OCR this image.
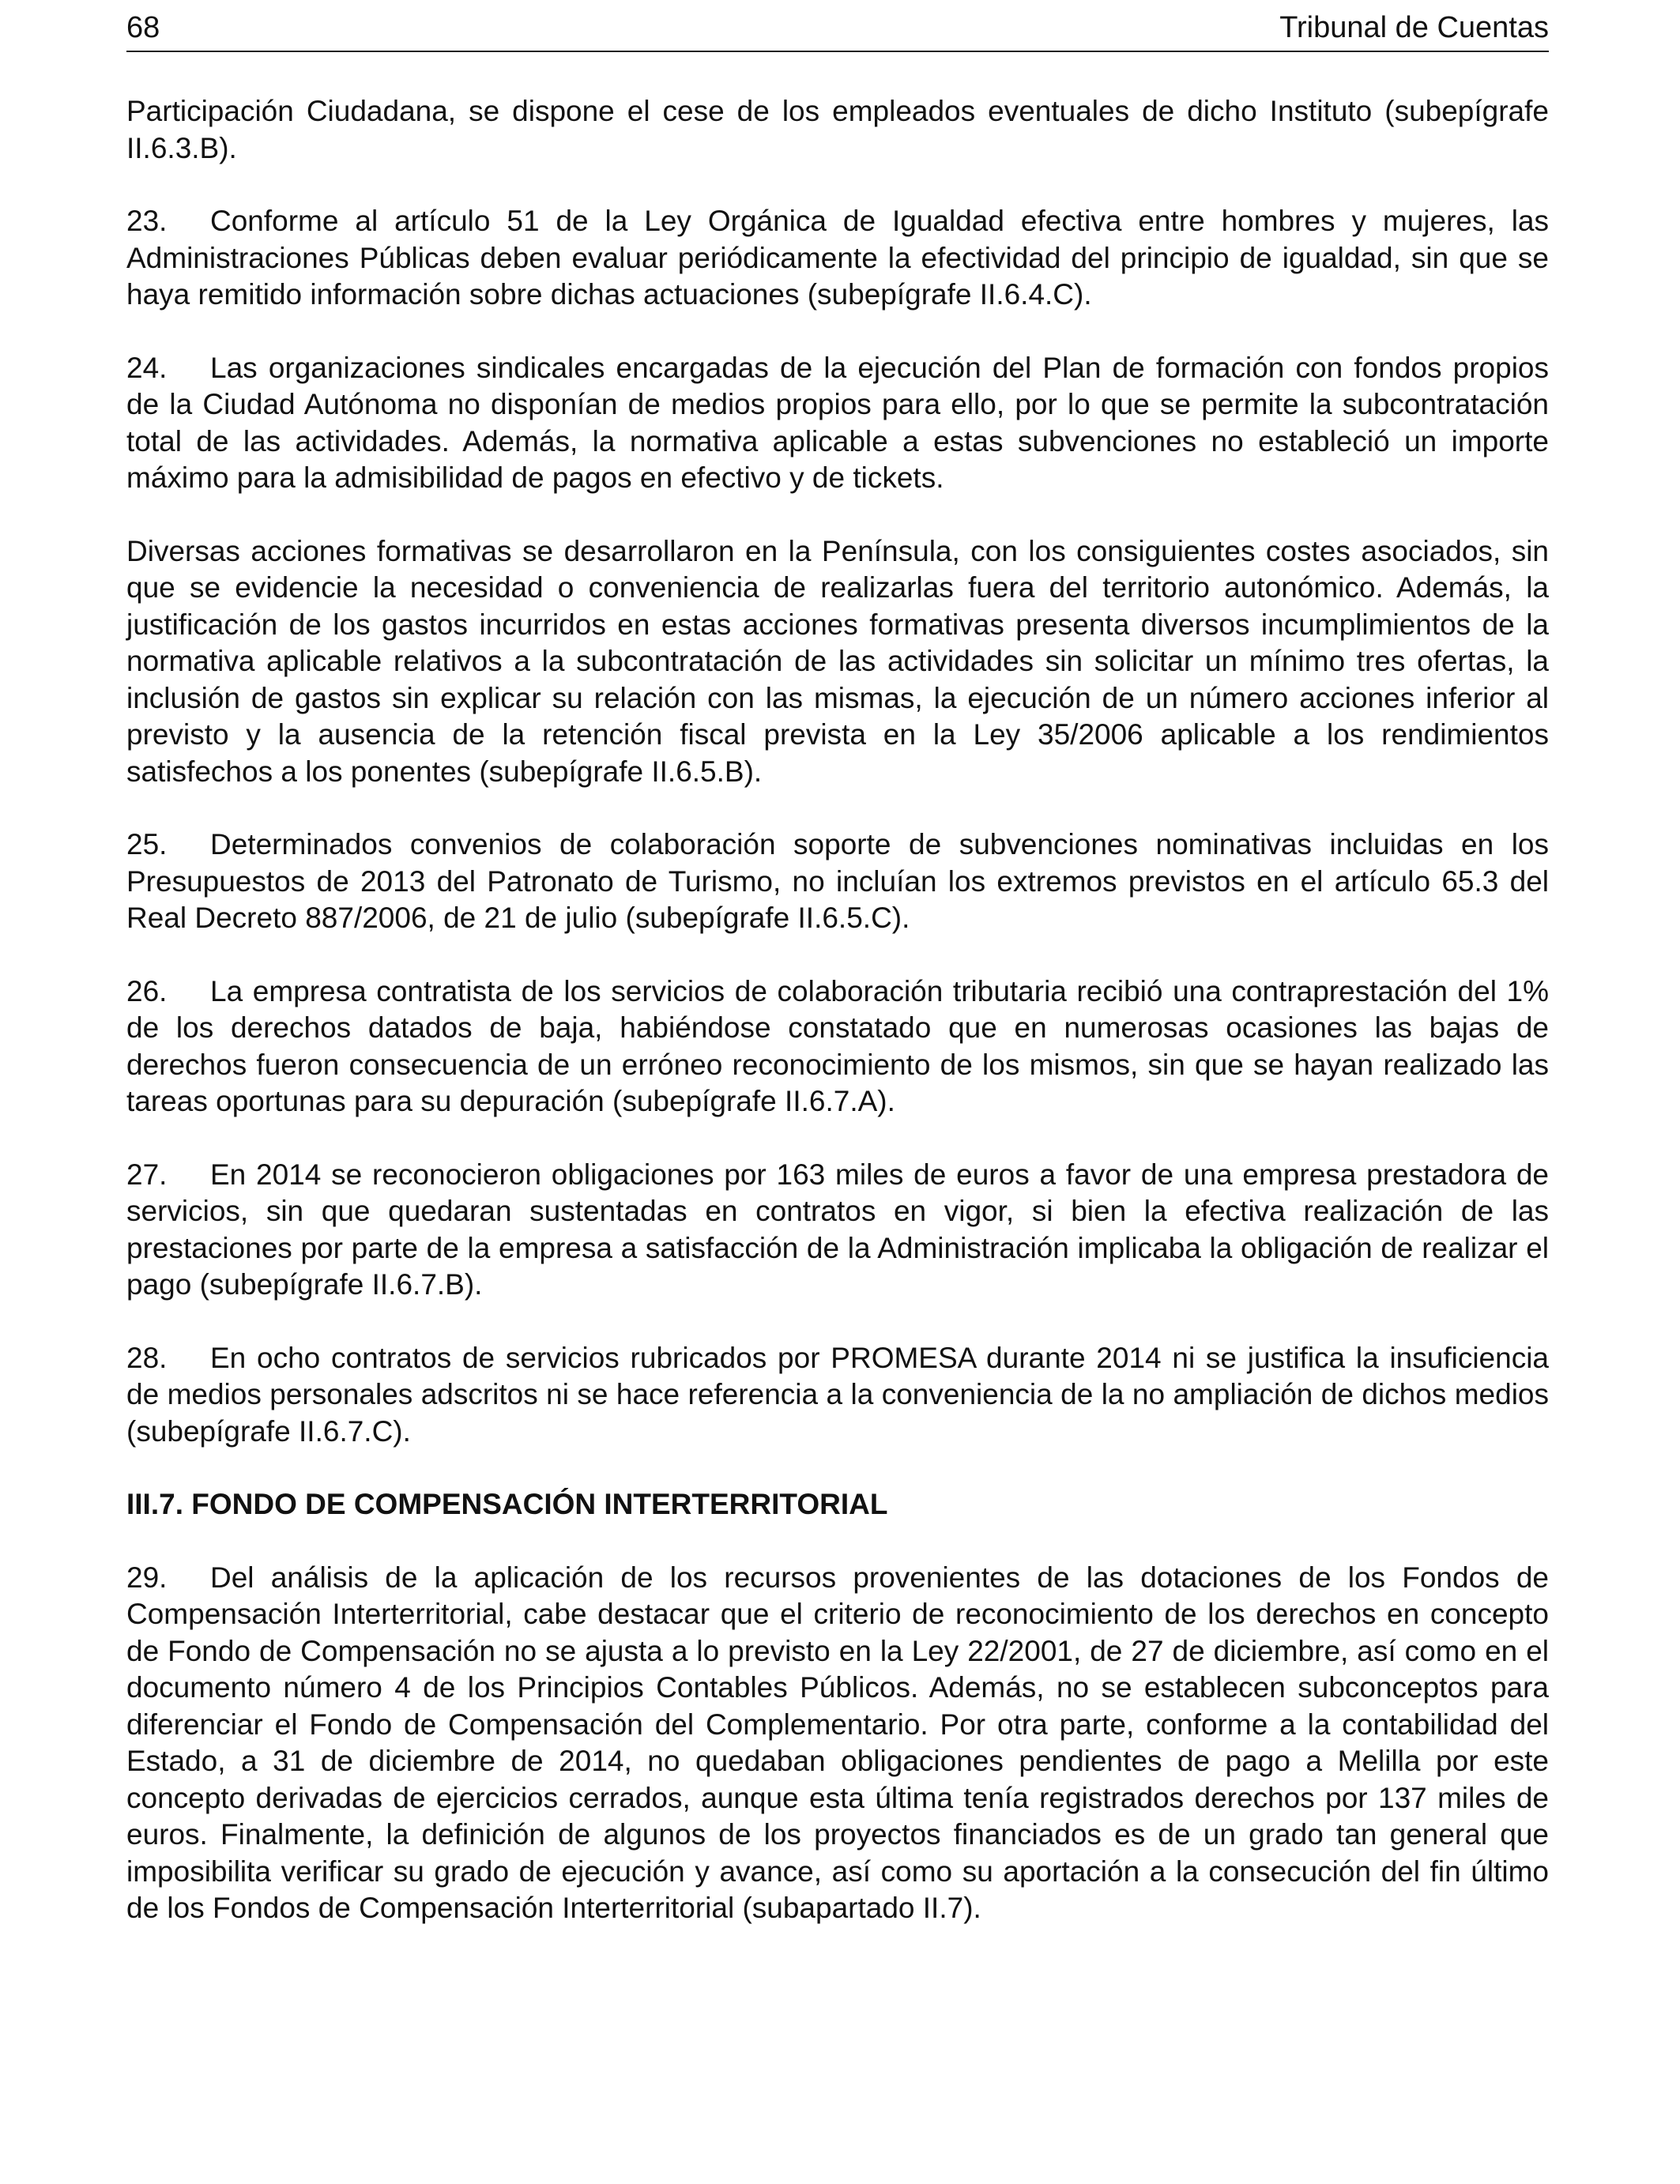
68	Tribunal de Cuentas

Participación Ciudadana, se dispone el cese de los empleados eventuales de dicho Instituto (subepígrafe II.6.3.B).

23. Conforme al artículo 51 de la Ley Orgánica de Igualdad efectiva entre hombres y mujeres, las Administraciones Públicas deben evaluar periódicamente la efectividad del principio de igualdad, sin que se haya remitido información sobre dichas actuaciones (subepígrafe II.6.4.C).

24. Las organizaciones sindicales encargadas de la ejecución del Plan de formación con fondos propios de la Ciudad Autónoma no disponían de medios propios para ello, por lo que se permite la subcontratación total de las actividades. Además, la normativa aplicable a estas subvenciones no estableció un importe máximo para la admisibilidad de pagos en efectivo y de tickets.

Diversas acciones formativas se desarrollaron en la Península, con los consiguientes costes asociados, sin que se evidencie la necesidad o conveniencia de realizarlas fuera del territorio autonómico. Además, la justificación de los gastos incurridos en estas acciones formativas presenta diversos incumplimientos de la normativa aplicable relativos a la subcontratación de las actividades sin solicitar un mínimo tres ofertas, la inclusión de gastos sin explicar su relación con las mismas, la ejecución de un número acciones inferior al previsto y la ausencia de la retención fiscal prevista en la Ley 35/2006 aplicable a los rendimientos satisfechos a los ponentes (subepígrafe II.6.5.B).

25. Determinados convenios de colaboración soporte de subvenciones nominativas incluidas en los Presupuestos de 2013 del Patronato de Turismo, no incluían los extremos previstos en el artículo 65.3 del Real Decreto 887/2006, de 21 de julio (subepígrafe II.6.5.C).

26. La empresa contratista de los servicios de colaboración tributaria recibió una contraprestación del 1% de los derechos datados de baja, habiéndose constatado que en numerosas ocasiones las bajas de derechos fueron consecuencia de un erróneo reconocimiento de los mismos, sin que se hayan realizado las tareas oportunas para su depuración (subepígrafe II.6.7.A).

27. En 2014 se reconocieron obligaciones por 163 miles de euros a favor de una empresa prestadora de servicios, sin que quedaran sustentadas en contratos en vigor, si bien la efectiva realización de las prestaciones por parte de la empresa a satisfacción de la Administración implicaba la obligación de realizar el pago (subepígrafe II.6.7.B).

28. En ocho contratos de servicios rubricados por PROMESA durante 2014 ni se justifica la insuficiencia de medios personales adscritos ni se hace referencia a la conveniencia de la no ampliación de dichos medios (subepígrafe II.6.7.C).

III.7. FONDO DE COMPENSACIÓN INTERTERRITORIAL

29. Del análisis de la aplicación de los recursos provenientes de las dotaciones de los Fondos de Compensación Interterritorial, cabe destacar que el criterio de reconocimiento de los derechos en concepto de Fondo de Compensación no se ajusta a lo previsto en la Ley 22/2001, de 27 de diciembre, así como en el documento número 4 de los Principios Contables Públicos. Además, no se establecen subconceptos para diferenciar el Fondo de Compensación del Complementario. Por otra parte, conforme a la contabilidad del Estado, a 31 de diciembre de 2014, no quedaban obligaciones pendientes de pago a Melilla por este concepto derivadas de ejercicios cerrados, aunque esta última tenía registrados derechos por 137 miles de euros. Finalmente, la definición de algunos de los proyectos financiados es de un grado tan general que imposibilita verificar su grado de ejecución y avance, así como su aportación a la consecución del fin último de los Fondos de Compensación Interterritorial (subapartado II.7).
